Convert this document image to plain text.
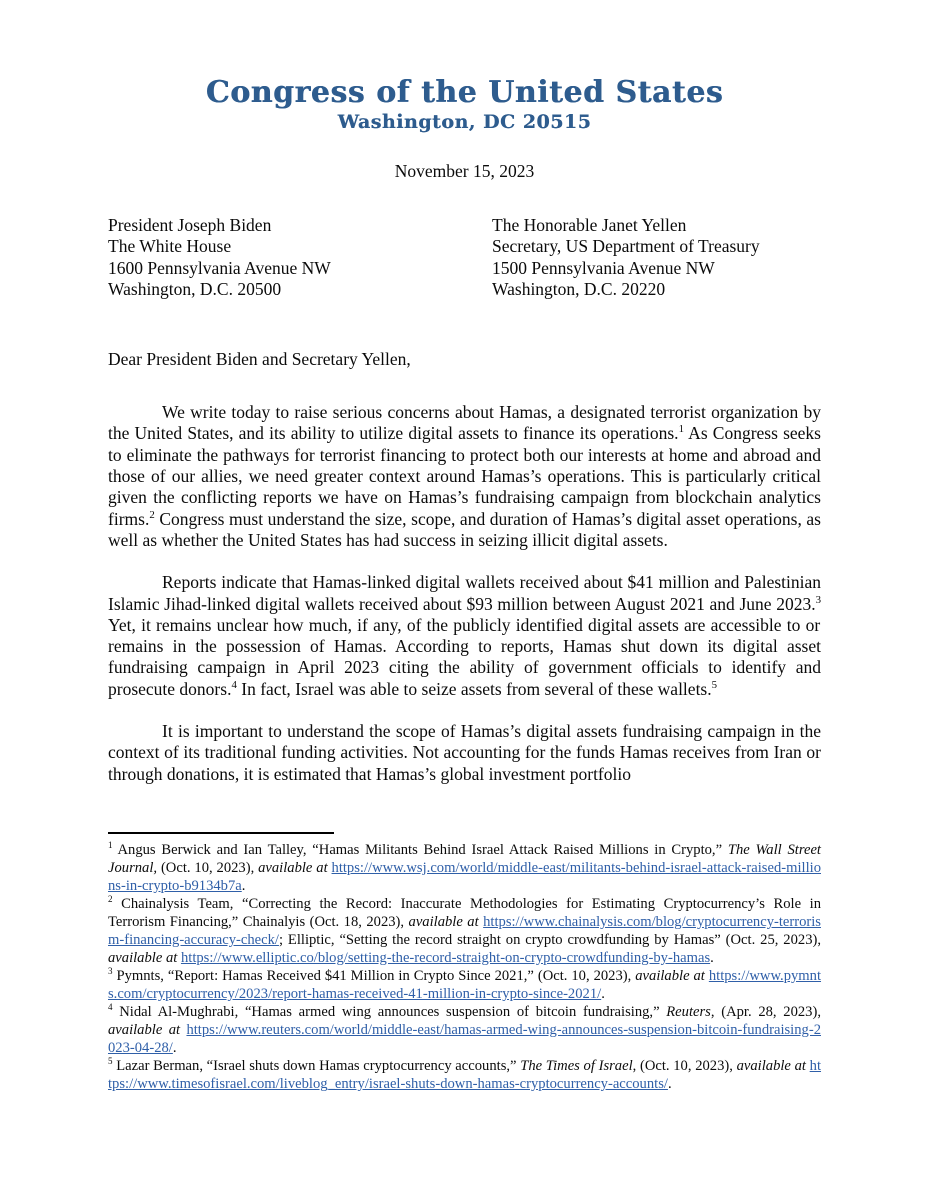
Congress of the United States
Washington, DC 20515
November 15, 2023
President Joseph Biden
The White House
1600 Pennsylvania Avenue NW
Washington, D.C. 20500
The Honorable Janet Yellen
Secretary, US Department of Treasury
1500 Pennsylvania Avenue NW
Washington, D.C. 20220
Dear President Biden and Secretary Yellen,

We write today to raise serious concerns about Hamas, a designated terrorist organization by the United States, and its ability to utilize digital assets to finance its operations.$^1$ As Congress seeks to eliminate the pathways for terrorist financing to protect both our interests at home and abroad and those of our allies, we need greater context around Hamas’s operations. This is particularly critical given the conflicting reports we have on Hamas’s fundraising campaign from blockchain analytics firms.$^2$ Congress must understand the size, scope, and duration of Hamas’s digital asset operations, as well as whether the United States has had success in seizing illicit digital assets.

Reports indicate that Hamas-linked digital wallets received about $41 million and Palestinian Islamic Jihad-linked digital wallets received about $93 million between August 2021 and June 2023.$^3$ Yet, it remains unclear how much, if any, of the publicly identified digital assets are accessible to or remains in the possession of Hamas. According to reports, Hamas shut down its digital asset fundraising campaign in April 2023 citing the ability of government officials to identify and prosecute donors.$^4$ In fact, Israel was able to seize assets from several of these wallets.$^5$

It is important to understand the scope of Hamas’s digital assets fundraising campaign in the context of its traditional funding activities. Not accounting for the funds Hamas receives from Iran or through donations, it is estimated that Hamas’s global investment portfolio

$^1$ Angus Berwick and Ian Talley, “Hamas Militants Behind Israel Attack Raised Millions in Crypto,” The Wall Street Journal, (Oct. 10, 2023), available at https://www.wsj.com/world/middle-east/militants-behind-israel-attack-raised-millions-in-crypto-b9134b7a.
$^2$ Chainalysis Team, “Correcting the Record: Inaccurate Methodologies for Estimating Cryptocurrency’s Role in Terrorism Financing,” Chainalyis (Oct. 18, 2023), available at https://www.chainalysis.com/blog/cryptocurrency-terrorism-financing-accuracy-check/; Elliptic, “Setting the record straight on crypto crowdfunding by Hamas” (Oct. 25, 2023), available at https://www.elliptic.co/blog/setting-the-record-straight-on-crypto-crowdfunding-by-hamas.
$^3$ Pymnts, “Report: Hamas Received $41 Million in Crypto Since 2021,” (Oct. 10, 2023), available at https://www.pymnts.com/cryptocurrency/2023/report-hamas-received-41-million-in-crypto-since-2021/.
$^4$ Nidal Al-Mughrabi, “Hamas armed wing announces suspension of bitcoin fundraising,” Reuters, (Apr. 28, 2023), available at https://www.reuters.com/world/middle-east/hamas-armed-wing-announces-suspension-bitcoin-fundraising-2023-04-28/.
$^5$ Lazar Berman, “Israel shuts down Hamas cryptocurrency accounts,” The Times of Israel, (Oct. 10, 2023), available at https://www.timesofisrael.com/liveblog_entry/israel-shuts-down-hamas-cryptocurrency-accounts/.
